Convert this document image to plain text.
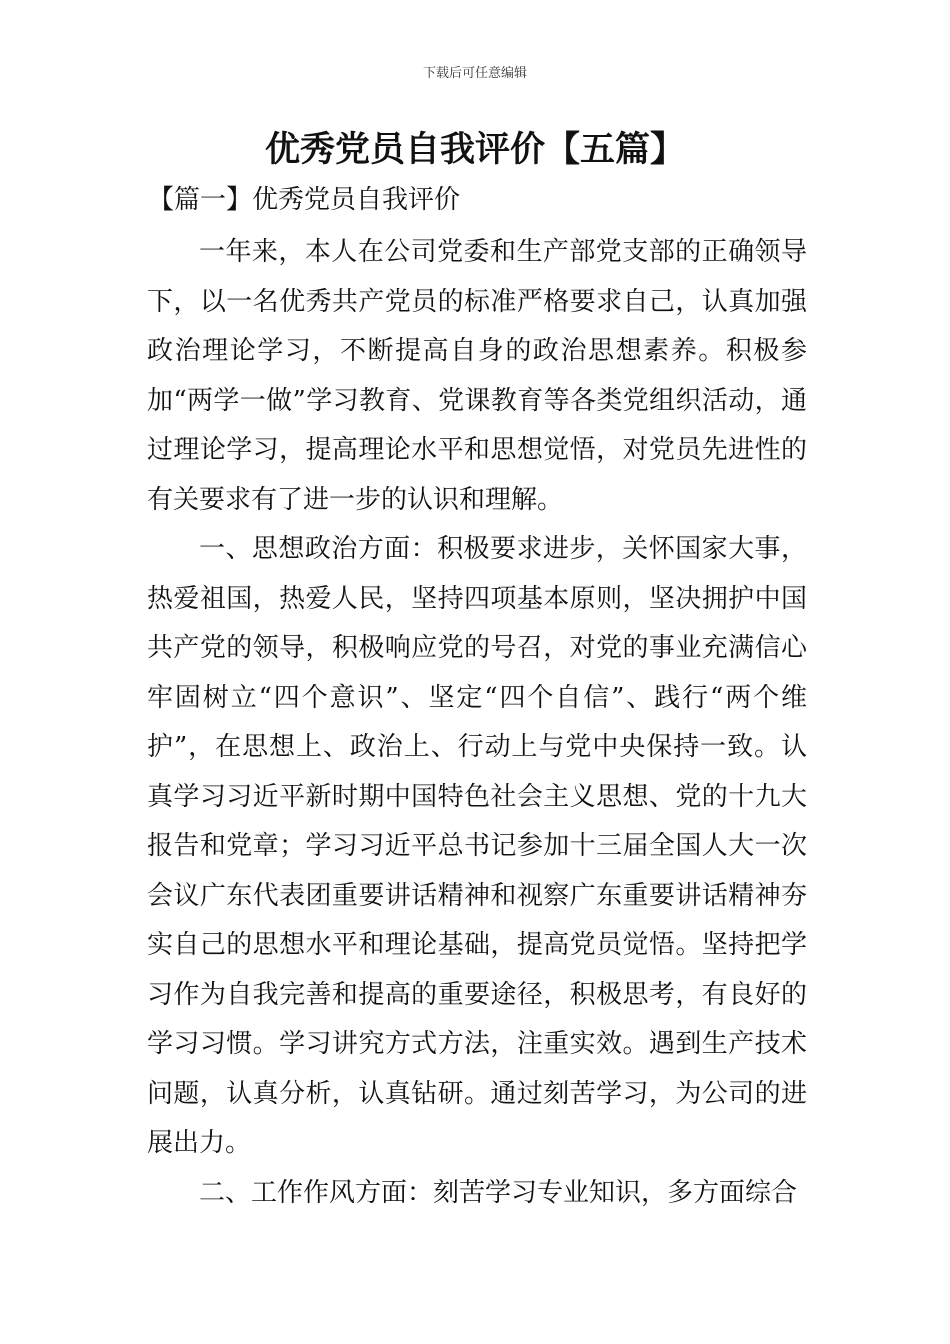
下载后可任意编辑
优秀党员自我评价【五篇】
【篇一】优秀党员自我评价

一年来，本人在公司党委和生产部党支部的正确领导下，以一名优秀共产党员的标准严格要求自己，认真加强政治理论学习，不断提高自身的政治思想素养。积极参加“两学一做”学习教育、党课教育等各类党组织活动，通过理论学习，提高理论水平和思想觉悟，对党员先进性的有关要求有了进一步的认识和理解。

一、思想政治方面：积极要求进步，关怀国家大事，热爱祖国，热爱人民，坚持四项基本原则，坚决拥护中国共产党的领导，积极响应党的号召，对党的事业充满信心牢固树立“四个意识”、坚定“四个自信”、践行“两个维护”，在思想上、政治上、行动上与党中央保持一致。认真学习习近平新时期中国特色社会主义思想、党的十九大报告和党章；学习习近平总书记参加十三届全国人大一次会议广东代表团重要讲话精神和视察广东重要讲话精神夯实自己的思想水平和理论基础，提高党员觉悟。坚持把学习作为自我完善和提高的重要途径，积极思考，有良好的学习习惯。学习讲究方式方法，注重实效。遇到生产技术问题，认真分析，认真钻研。通过刻苦学习，为公司的进展出力。

二、工作作风方面：刻苦学习专业知识，多方面综合
